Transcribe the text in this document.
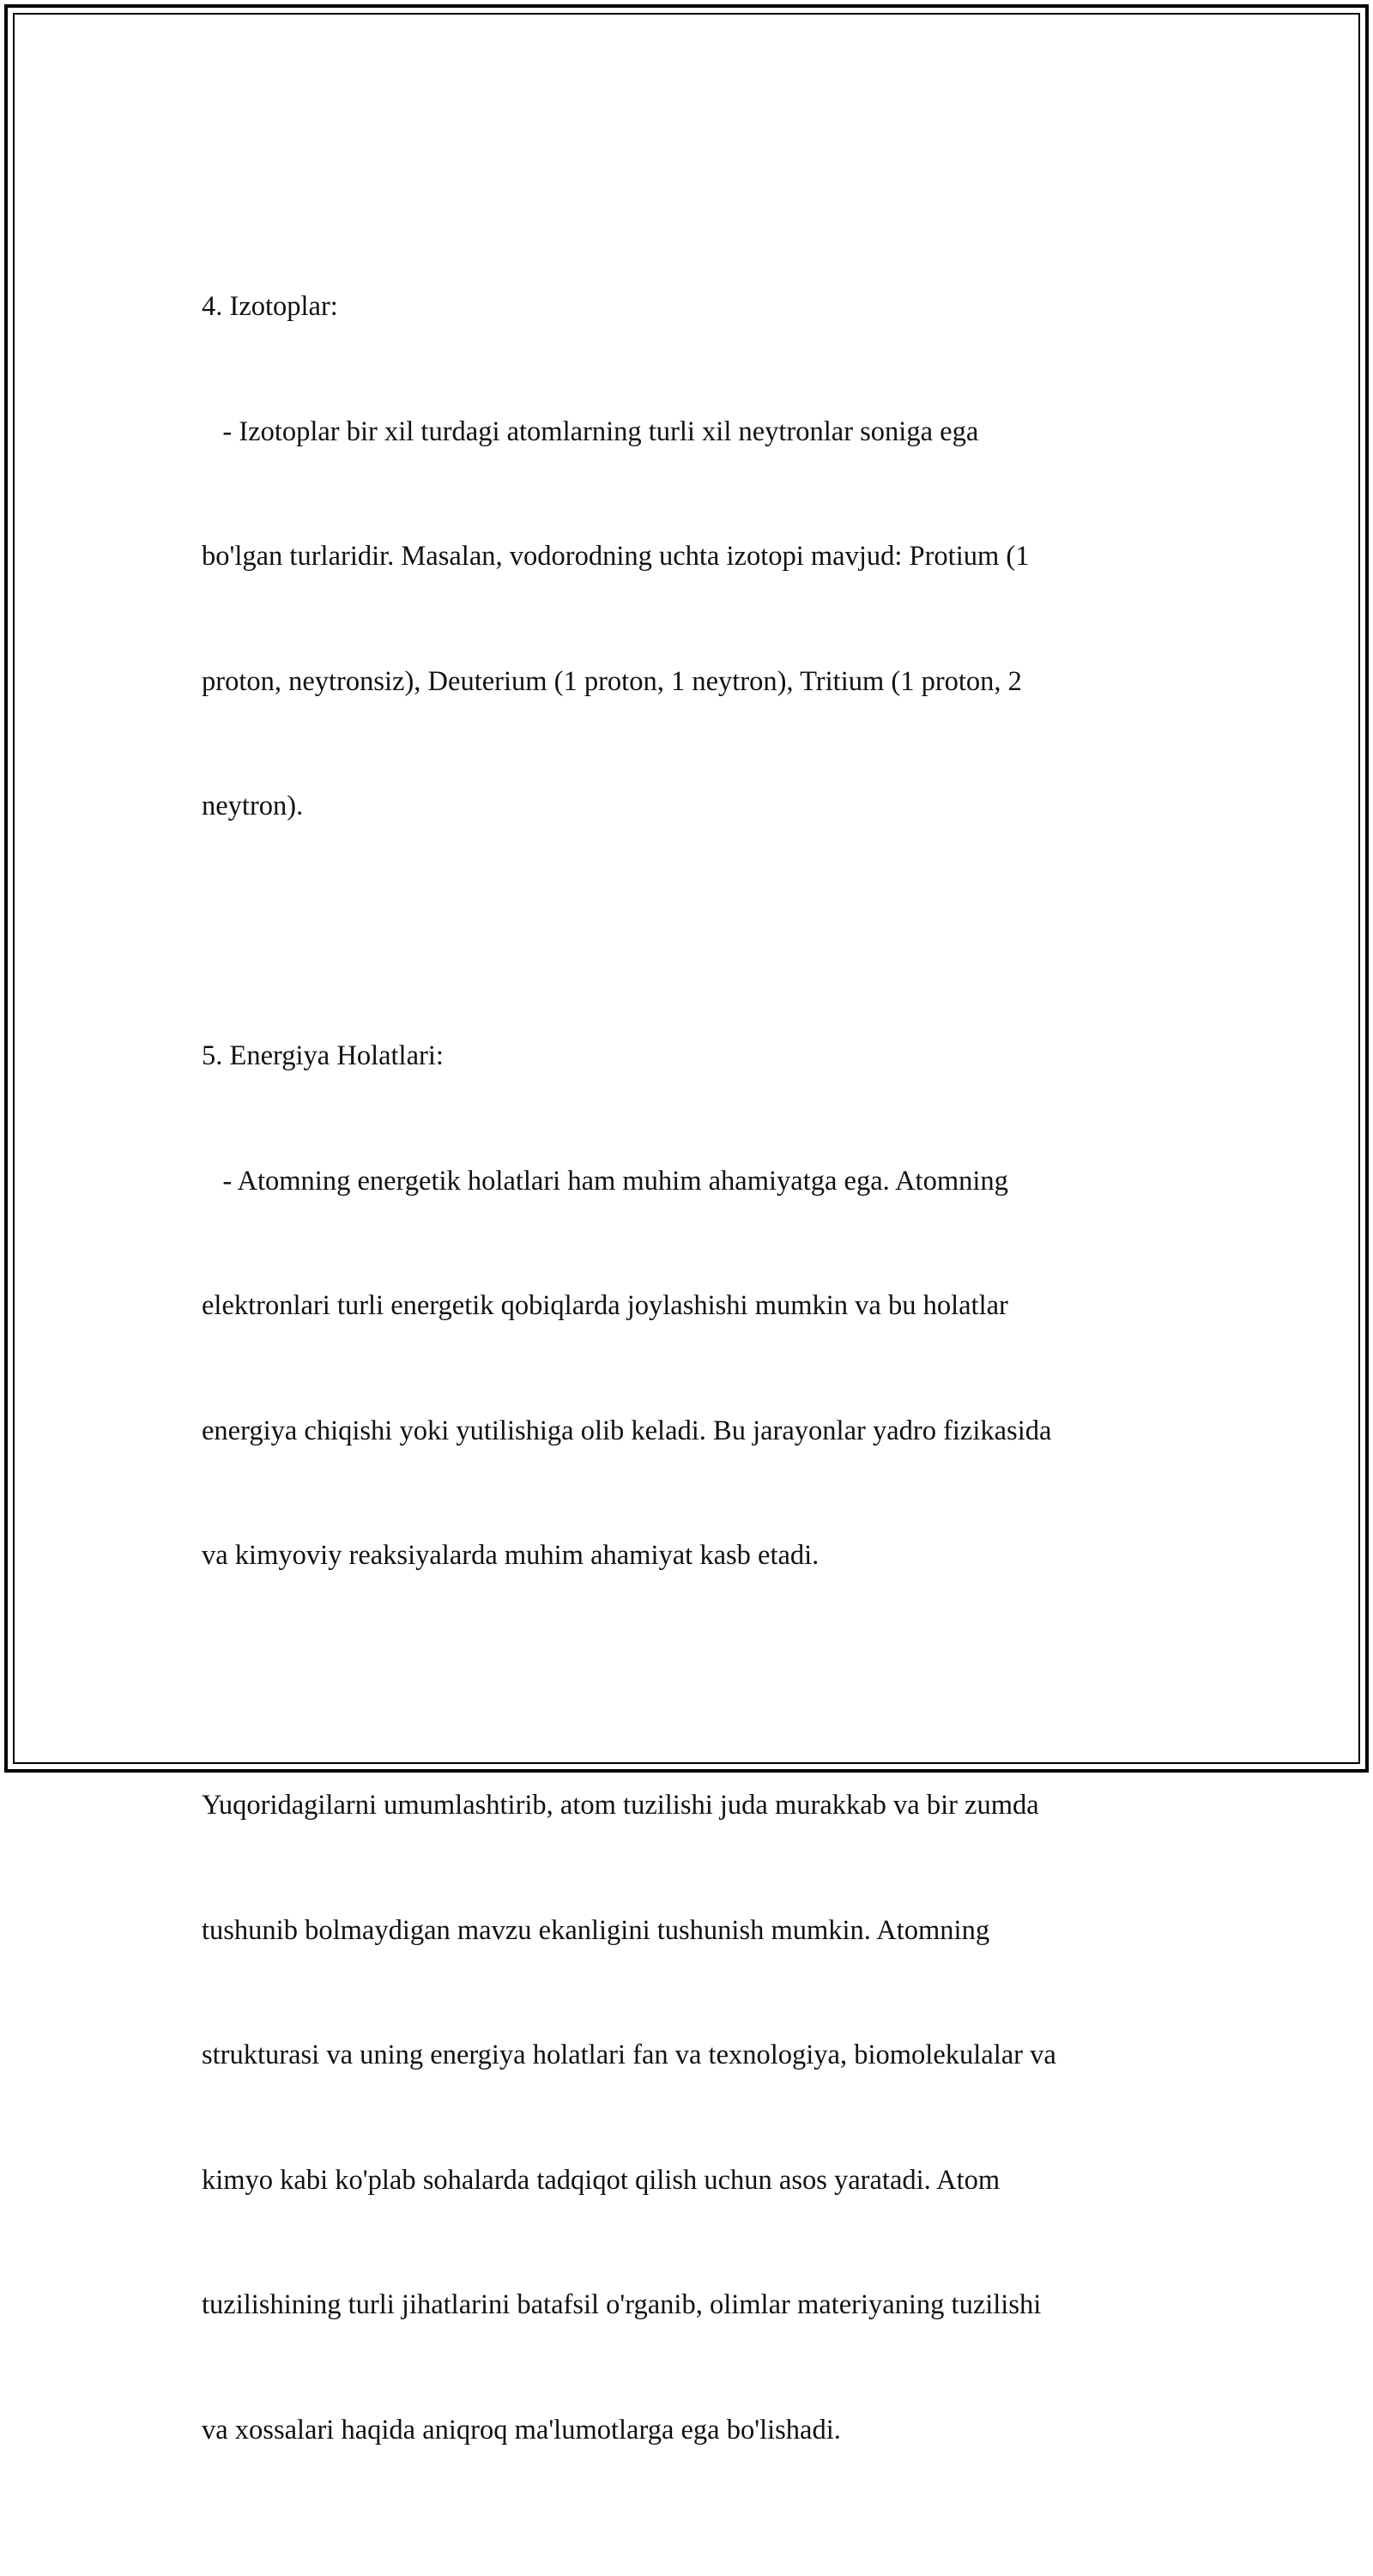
4. Izotoplar:

- Izotoplar bir xil turdagi atomlarning turli xil neytronlar soniga ega

bo'lgan turlaridir. Masalan, vodorodning uchta izotopi mavjud: Protium (1

proton, neytronsiz), Deuterium (1 proton, 1 neytron), Tritium (1 proton, 2

neytron).

5. Energiya Holatlari:

- Atomning energetik holatlari ham muhim ahamiyatga ega. Atomning

elektronlari turli energetik qobiqlarda joylashishi mumkin va bu holatlar

energiya chiqishi yoki yutilishiga olib keladi. Bu jarayonlar yadro fizikasida

va kimyoviy reaksiyalarda muhim ahamiyat kasb etadi.

Yuqoridagilarni umumlashtirib, atom tuzilishi juda murakkab va bir zumda

tushunib bolmaydigan mavzu ekanligini tushunish mumkin. Atomning

strukturasi va uning energiya holatlari fan va texnologiya, biomolekulalar va

kimyo kabi ko'plab sohalarda tadqiqot qilish uchun asos yaratadi. Atom

tuzilishining turli jihatlarini batafsil o'rganib, olimlar materiyaning tuzilishi

va xossalari haqida aniqroq ma'lumotlarga ega bo'lishadi.
